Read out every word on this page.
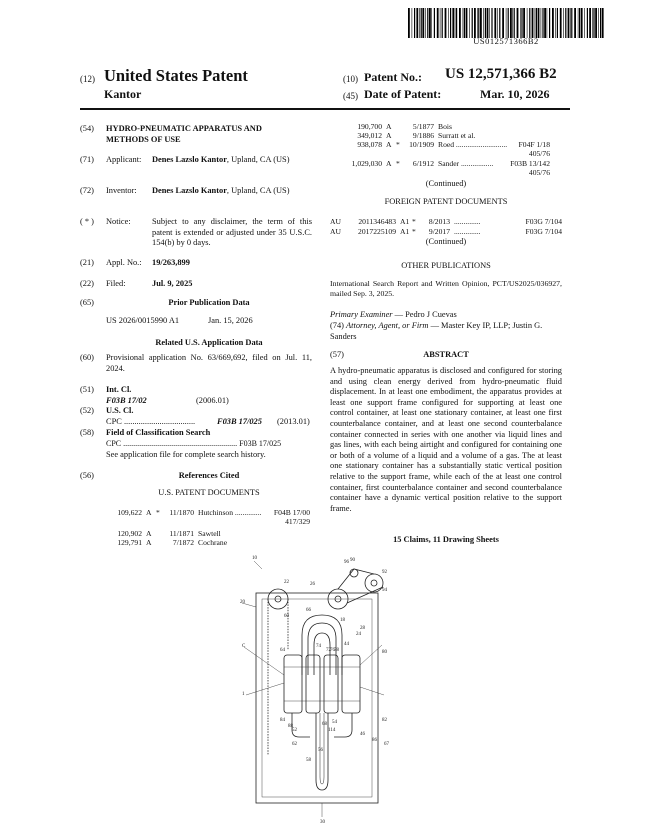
US012571366B2
(12) United States Patent
Kantor
(10) Patent No.: US 12,571,366 B2
(45) Date of Patent:	Mar. 10, 2026
(54) HYDRO-PNEUMATIC APPARATUS AND METHODS OF USE
(71) Applicant: Denes Lazslo Kantor, Upland, CA (US)
(72) Inventor: Denes Lazslo Kantor, Upland, CA (US)
( * ) Notice:	Subject to any disclaimer, the term of this patent is extended or adjusted under 35 U.S.C. 154(b) by 0 days.
(21) Appl. No.: 19/263,899
(22) Filed:	Jul. 9, 2025
(65)	Prior Publication Data
US 2026/0015990 A1	Jan. 15, 2026
Related U.S. Application Data
(60) Provisional application No. 63/669,692, filed on Jul. 11, 2024.
(51) Int. Cl.
F03B 17/02	(2006.01)
(52) U.S. Cl.
CPC ..................................	F03B 17/025 (2013.01)
(58) Field of Classification Search
CPC ......................................................... F03B 17/025
See application file for complete search history.
(56)	References Cited
U.S. PATENT DOCUMENTS
109,622 A *	11/1870 Hutchinson ..............	F04B 17/00
417/329
120,902 A	11/1871 Sawtell
129,791 A	7/1872 Cochrane
190,700 A	5/1877 Bois
349,012 A	9/1886 Surratt et al.
938,078 A *	10/1909 Roed ...........................	F04F 1/18
405/76
1,029,030 A *	6/1912 Sander .................	F03B 13/142
405/76
(Continued)
FOREIGN PATENT DOCUMENTS
AU	2011346483 A1 *	8/2013 ..............	F03G 7/104
AU	2017225109 A1 *	9/2017 ..............	F03G 7/104
(Continued)
OTHER PUBLICATIONS
International Search Report and Written Opinion, PCT/US2025/036927, mailed Sep. 3, 2025.
Primary Examiner — Pedro J Cuevas
(74) Attorney, Agent, or Firm — Master Key IP, LLP; Justin G. Sanders
(57)	ABSTRACT
A hydro-pneumatic apparatus is disclosed and configured for storing and using clean energy derived from hydro-pneumatic fluid displacement. In at least one embodiment, the apparatus provides at least one support frame configured for supporting at least one control container, at least one stationary container, at least one first counterbalance container, and at least one second counterbalance container connected in series with one another via liquid lines and gas lines, with each being airtight and configured for containing one or both of a volume of a liquid and a volume of a gas. The at least one stationary container has a substantially static vertical position relative to the support frame, while each of the at least one control container, first counterbalance container and second counterbalance container have a dynamic vertical position relative to the support frame.
15 Claims, 11 Drawing Sheets
10
22	26
96 90
92
94
20
60
66
18
28
24
64
44
74
72 76 78	80
C
1
62
84
88
52
54
68
114
56
58
46
82
86
67
30
